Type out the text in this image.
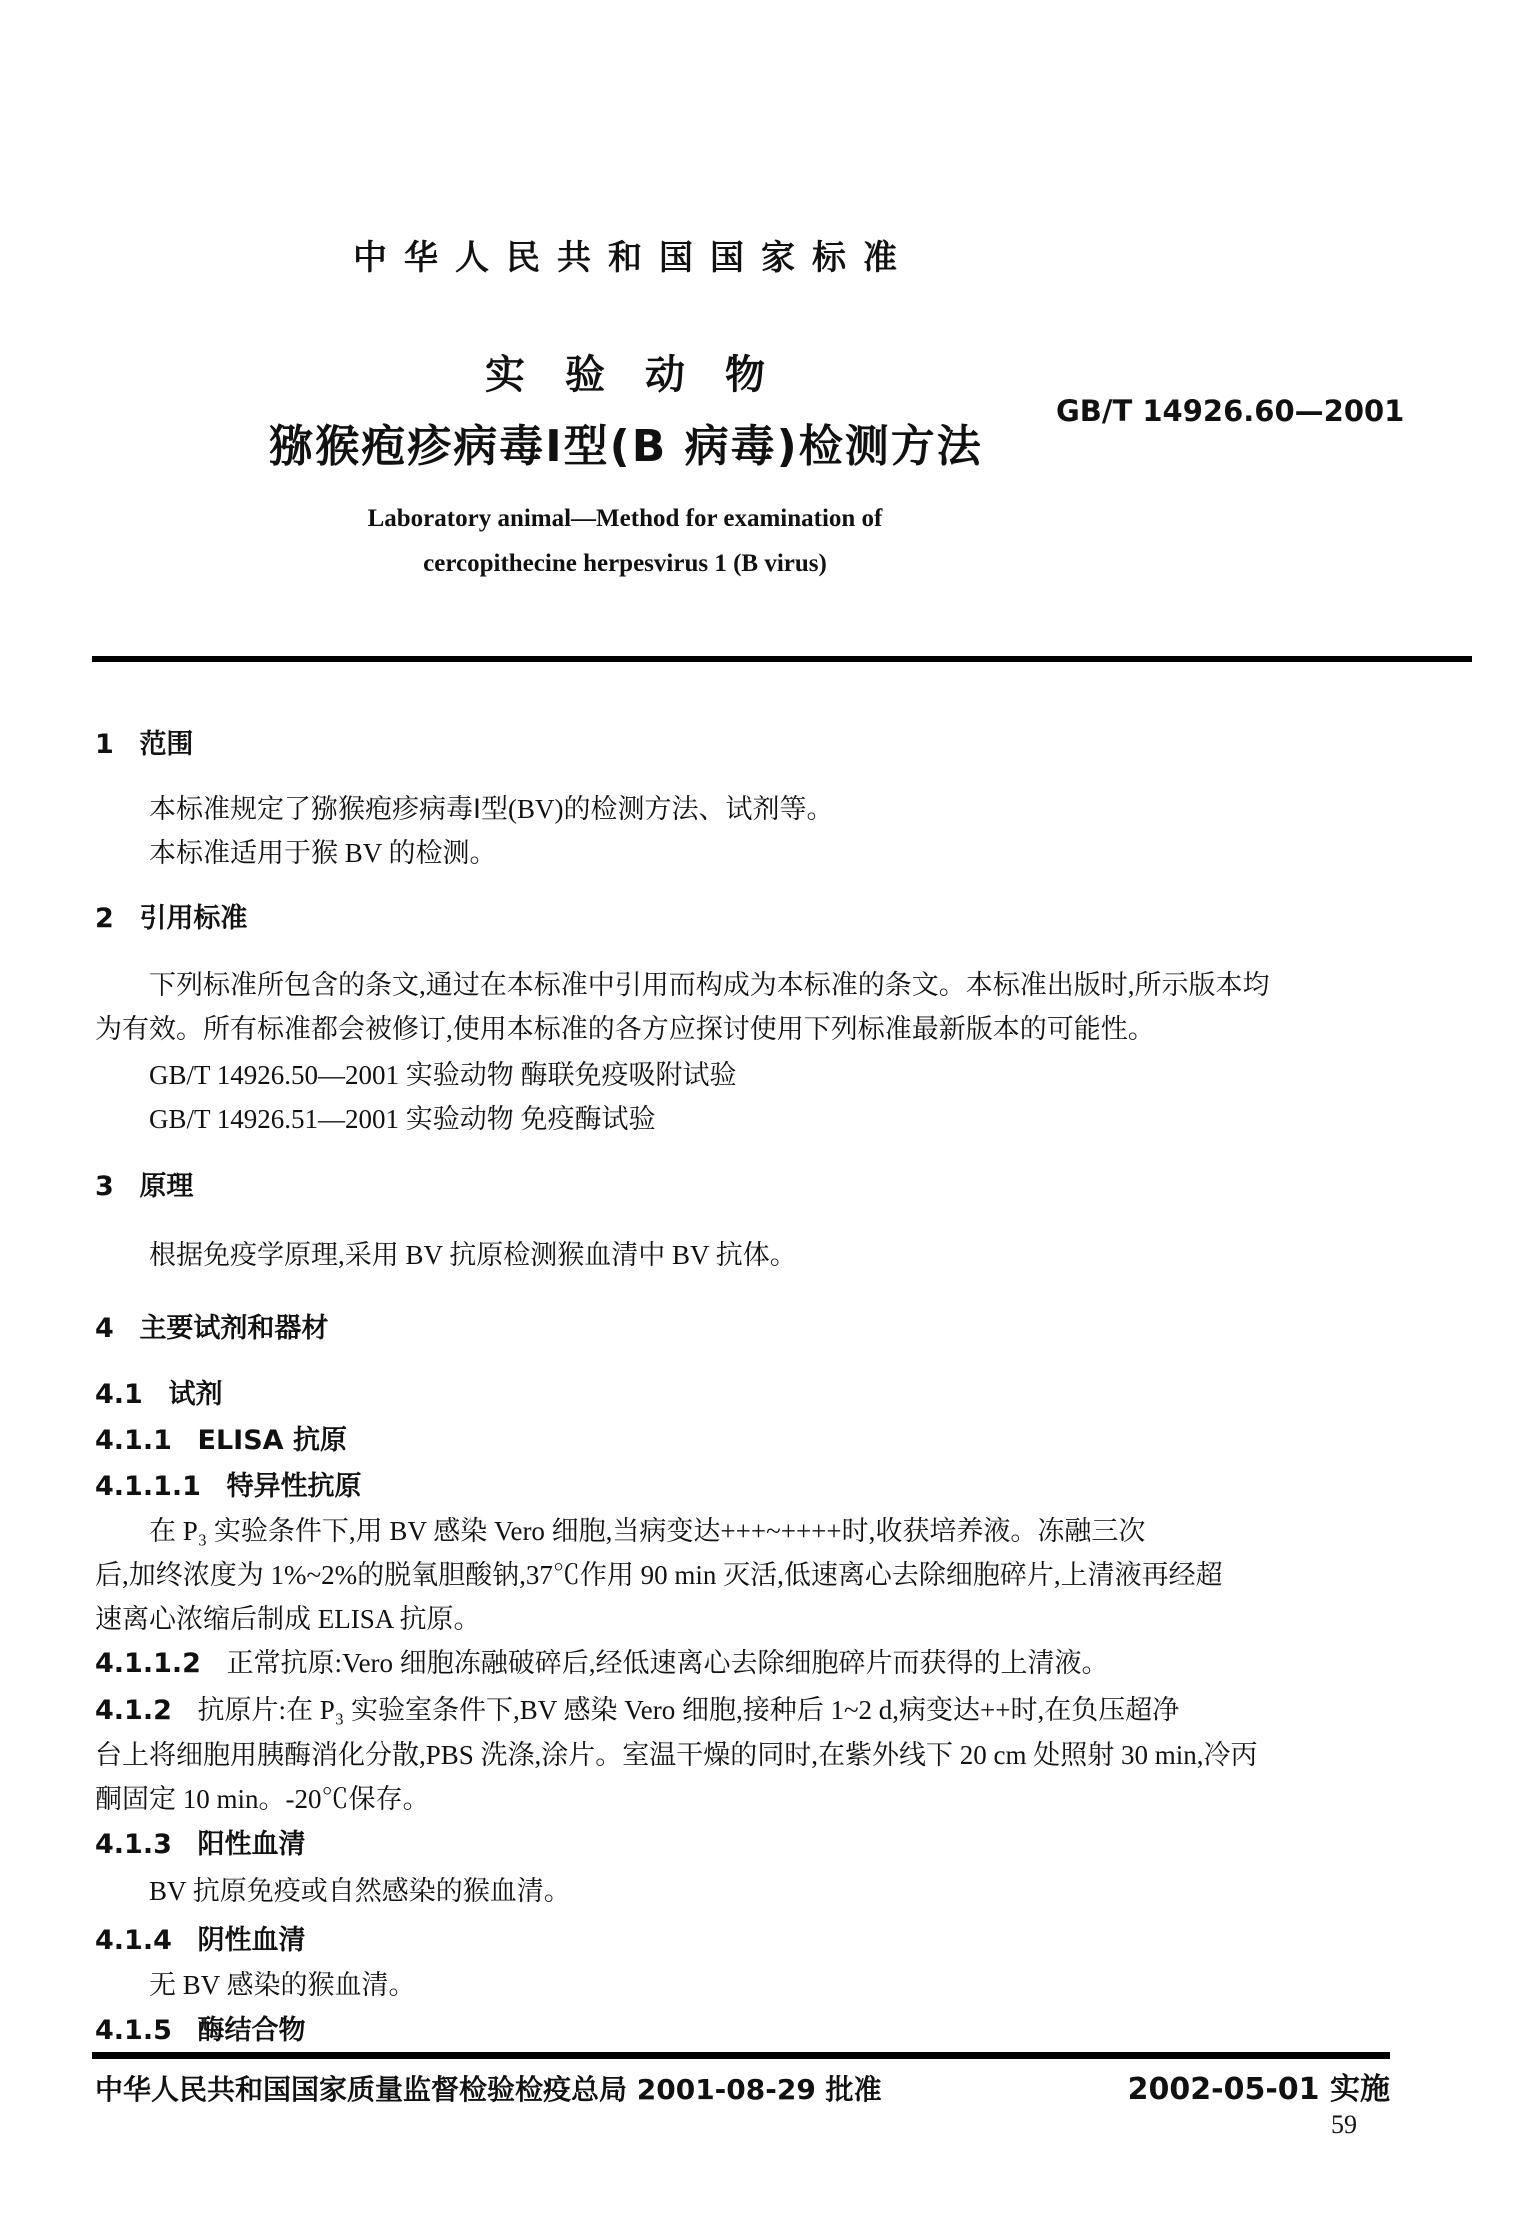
中华人民共和国国家标准
实验动物
猕猴疱疹病毒Ⅰ型(B 病毒)检测方法
Laboratory animal—Method for examination of
cercopithecine herpesvirus 1 (B virus)
GB/T 14926.60—2001
1 范围
本标准规定了猕猴疱疹病毒Ⅰ型(BV)的检测方法、试剂等。
本标准适用于猴 BV 的检测。
2 引用标准
下列标准所包含的条文,通过在本标准中引用而构成为本标准的条文。本标准出版时,所示版本均
为有效。所有标准都会被修订,使用本标准的各方应探讨使用下列标准最新版本的可能性。
GB/T 14926.50—2001 实验动物 酶联免疫吸附试验
GB/T 14926.51—2001 实验动物 免疫酶试验
3 原理
根据免疫学原理,采用 BV 抗原检测猴血清中 BV 抗体。
4 主要试剂和器材
4.1 试剂
4.1.1 ELISA 抗原
4.1.1.1 特异性抗原
在 P₃ 实验条件下,用 BV 感染 Vero 细胞,当病变达+++~++++时,收获培养液。冻融三次
后,加终浓度为 1%~2%的脱氧胆酸钠,37℃作用 90 min 灭活,低速离心去除细胞碎片,上清液再经超
速离心浓缩后制成 ELISA 抗原。
4.1.1.2 正常抗原:Vero 细胞冻融破碎后,经低速离心去除细胞碎片而获得的上清液。
4.1.2 抗原片:在 P₃ 实验室条件下,BV 感染 Vero 细胞,接种后 1~2 d,病变达++时,在负压超净
台上将细胞用胰酶消化分散,PBS 洗涤,涂片。室温干燥的同时,在紫外线下 20 cm 处照射 30 min,冷丙
酮固定 10 min。-20℃保存。
4.1.3 阳性血清
BV 抗原免疫或自然感染的猴血清。
4.1.4 阴性血清
无 BV 感染的猴血清。
4.1.5 酶结合物
中华人民共和国国家质量监督检验检疫总局 2001-08-29 批准	2002-05-01 实施
59
